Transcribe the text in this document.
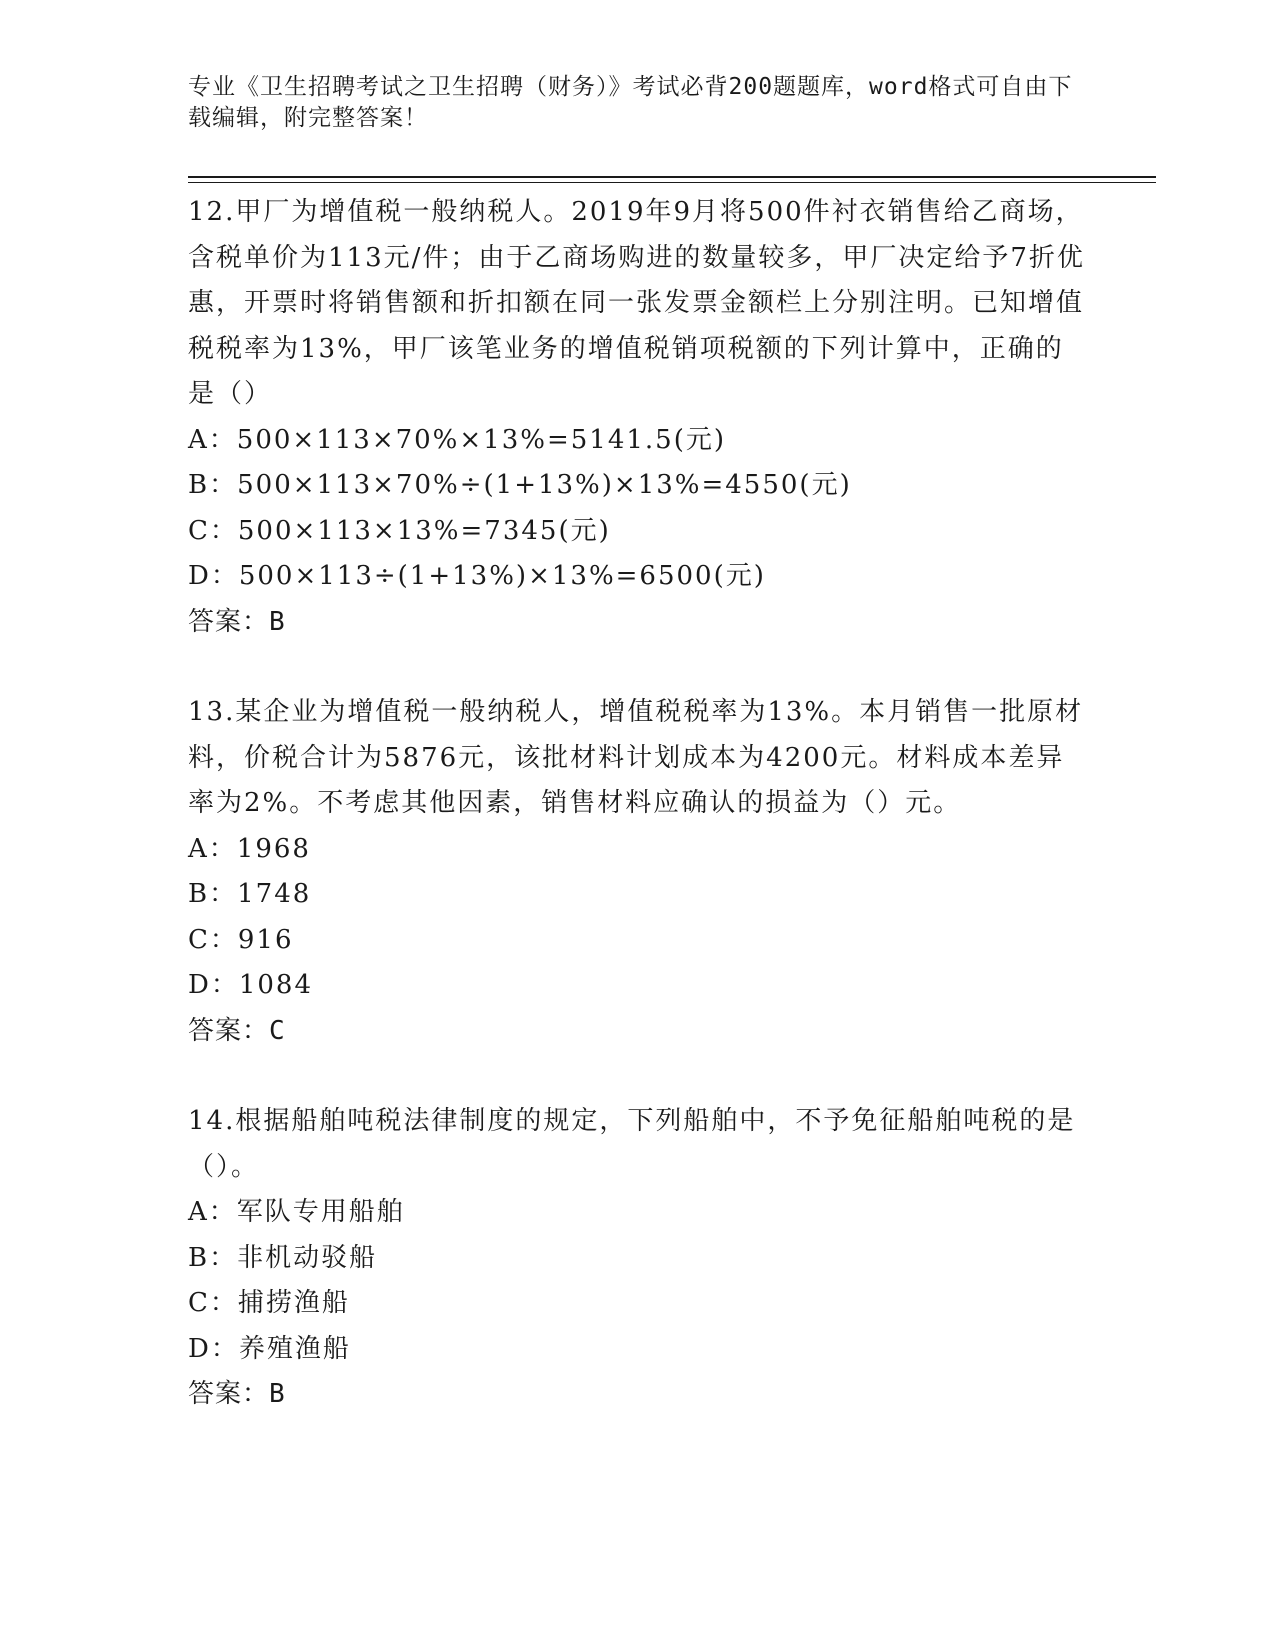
专业《卫生招聘考试之卫生招聘（财务）》考试必背200题题库，word格式可自由下载编辑，附完整答案！

12.甲厂为增值税一般纳税人。2019年9月将500件衬衣销售给乙商场，含税单价为113元/件；由于乙商场购进的数量较多，甲厂决定给予7折优惠，开票时将销售额和折扣额在同一张发票金额栏上分别注明。已知增值税税率为13%，甲厂该笔业务的增值税销项税额的下列计算中，正确的是（）

A：500×113×70%×13%=5141.5(元)

B：500×113×70%÷(1+13%)×13%=4550(元)

C：500×113×13%=7345(元)

D：500×113÷(1+13%)×13%=6500(元)

答案：B

13.某企业为增值税一般纳税人，增值税税率为13%。本月销售一批原材料，价税合计为5876元，该批材料计划成本为4200元。材料成本差异率为2%。不考虑其他因素，销售材料应确认的损益为（）元。

A：1968

B：1748

C：916

D：1084

答案：C

14.根据船舶吨税法律制度的规定，下列船舶中，不予免征船舶吨税的是（）。

A：军队专用船舶

B：非机动驳船

C：捕捞渔船

D：养殖渔船

答案：B
